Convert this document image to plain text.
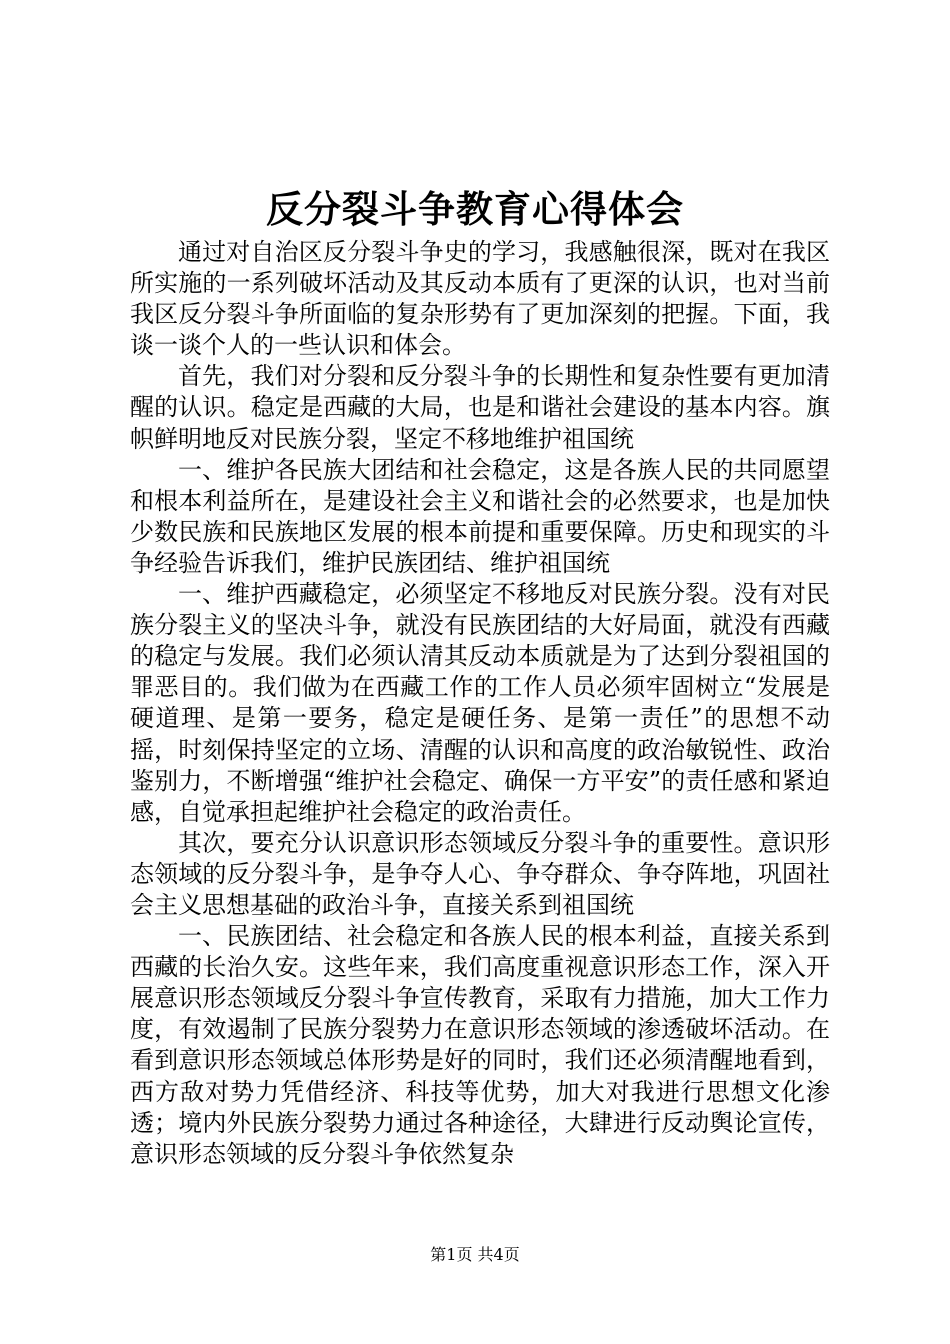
反分裂斗争教育心得体会

通过对自治区反分裂斗争史的学习，我感触很深，既对在我区所实施的一系列破坏活动及其反动本质有了更深的认识，也对当前我区反分裂斗争所面临的复杂形势有了更加深刻的把握。下面，我谈一谈个人的一些认识和体会。

首先，我们对分裂和反分裂斗争的长期性和复杂性要有更加清醒的认识。稳定是西藏的大局，也是和谐社会建设的基本内容。旗帜鲜明地反对民族分裂，坚定不移地维护祖国统

一、维护各民族大团结和社会稳定，这是各族人民的共同愿望和根本利益所在，是建设社会主义和谐社会的必然要求，也是加快少数民族和民族地区发展的根本前提和重要保障。历史和现实的斗争经验告诉我们，维护民族团结、维护祖国统

一、维护西藏稳定，必须坚定不移地反对民族分裂。没有对民族分裂主义的坚决斗争，就没有民族团结的大好局面，就没有西藏的稳定与发展。我们必须认清其反动本质就是为了达到分裂祖国的罪恶目的。我们做为在西藏工作的工作人员必须牢固树立“发展是硬道理、是第一要务，稳定是硬任务、是第一责任”的思想不动摇，时刻保持坚定的立场、清醒的认识和高度的政治敏锐性、政治鉴别力，不断增强“维护社会稳定、确保一方平安”的责任感和紧迫感，自觉承担起维护社会稳定的政治责任。

其次，要充分认识意识形态领域反分裂斗争的重要性。意识形态领域的反分裂斗争，是争夺人心、争夺群众、争夺阵地，巩固社会主义思想基础的政治斗争，直接关系到祖国统

一、民族团结、社会稳定和各族人民的根本利益，直接关系到西藏的长治久安。这些年来，我们高度重视意识形态工作，深入开展意识形态领域反分裂斗争宣传教育，采取有力措施，加大工作力度，有效遏制了民族分裂势力在意识形态领域的渗透破坏活动。在看到意识形态领域总体形势是好的同时，我们还必须清醒地看到，西方敌对势力凭借经济、科技等优势，加大对我进行思想文化渗透；境内外民族分裂势力通过各种途径，大肆进行反动舆论宣传，意识形态领域的反分裂斗争依然复杂

第1页 共4页
